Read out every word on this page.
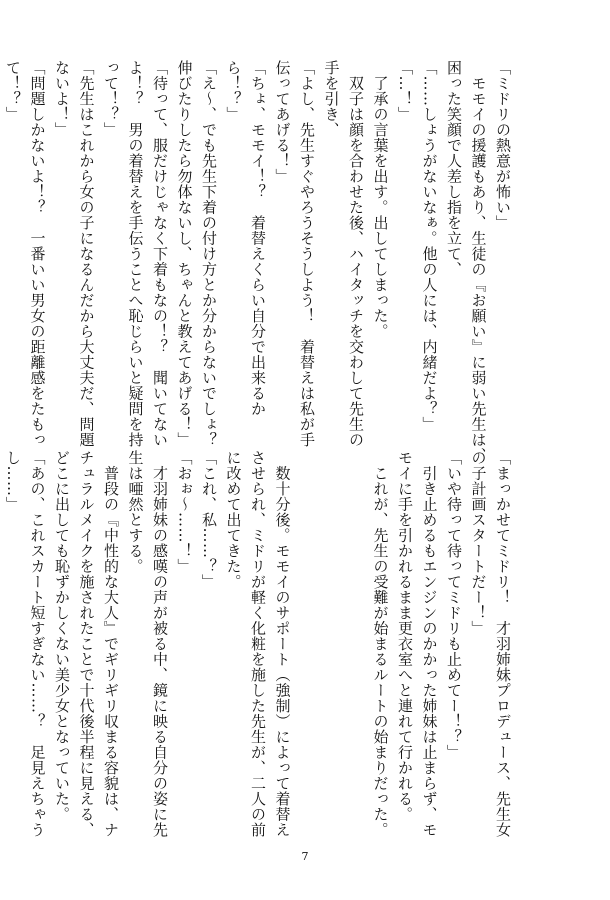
「ミドリの熱意が怖い」
　モモイの援護もあり、生徒の『お願い』に弱い先生は、
困った笑顔で人差し指を立て、
「……しょうがないなぁ。他の人には、内緒だよ？」
「…！」
　了承の言葉を出す。出してしまった。
　双子は顔を合わせた後、ハイタッチを交わして先生の
手を引き、
「よし、先生すぐやろうそうしよう！　着替えは私が手
伝ってあげる！」
「ちょ、モモイ！？　着替えくらい自分で出来るか
ら！？」
「え～、でも先生下着の付け方とか分からないでしょ？
伸びたりしたら勿体ないし、ちゃんと教えてあげる！」
「待って、服だけじゃなく下着もなの！？　聞いてない
よ！？　男の着替えを手伝うことへ恥じらいと疑問を持
って！？」
「先生はこれから女の子になるんだから大丈夫だ、問題
ないよ！」
「問題しかないよ！？　一番いい男女の距離感をたもっ
て！？」
「まっかせてミドリ！　才羽姉妹プロデュース、先生女
の子計画スタートだー！」
「いや待って待ってミドリも止めてー！？」
　引き止めるもエンジンのかかった姉妹は止まらず、モ
モイに手を引かれるまま更衣室へと連れて行かれる。
　これが、先生の受難が始まるルートの始まりだった。

　数十分後。モモイのサポート（強制）によって着替え
させられ、ミドリが軽く化粧を施した先生が、二人の前
に改めて出てきた。
「これ、私……？」
「おぉ～……！」
　才羽姉妹の感嘆の声が被る中、鏡に映る自分の姿に先
生は唖然とする。
　普段の『中性的な大人』でギリギリ収まる容貌は、ナ
チュラルメイクを施されたことで十代後半程に見える、
どこに出しても恥ずかしくない美少女となっていた。
「あの、これスカート短すぎない……？　足見えちゃう
し……」
7
